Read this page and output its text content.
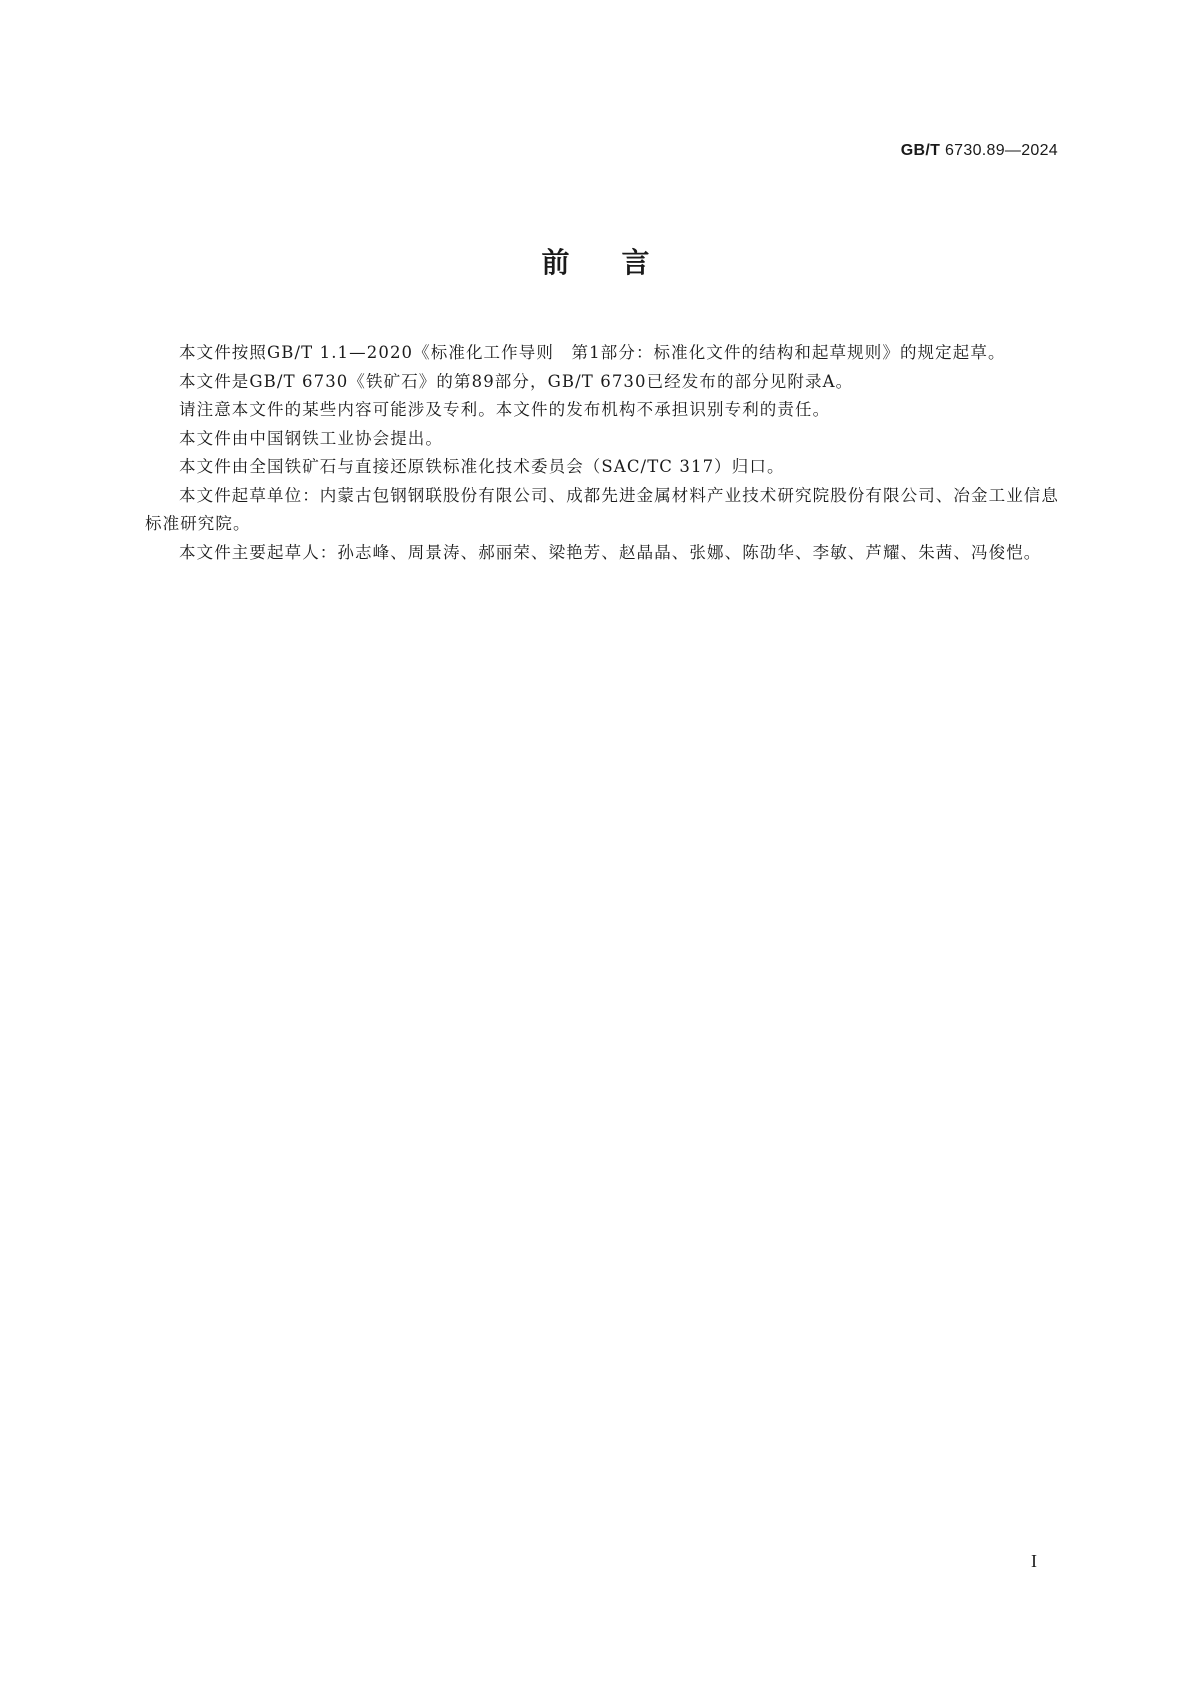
GB/T 6730.89—2024
前言

本文件按照GB/T 1.1—2020《标准化工作导则　第1部分：标准化文件的结构和起草规则》的规定起草。

本文件是GB/T 6730《铁矿石》的第89部分，GB/T 6730已经发布的部分见附录A。

请注意本文件的某些内容可能涉及专利。本文件的发布机构不承担识别专利的责任。

本文件由中国钢铁工业协会提出。

本文件由全国铁矿石与直接还原铁标准化技术委员会（SAC/TC 317）归口。

本文件起草单位：内蒙古包钢钢联股份有限公司、成都先进金属材料产业技术研究院股份有限公司、冶金工业信息标准研究院。

本文件主要起草人：孙志峰、周景涛、郝丽荣、梁艳芳、赵晶晶、张娜、陈劭华、李敏、芦耀、朱茜、冯俊恺。

I
